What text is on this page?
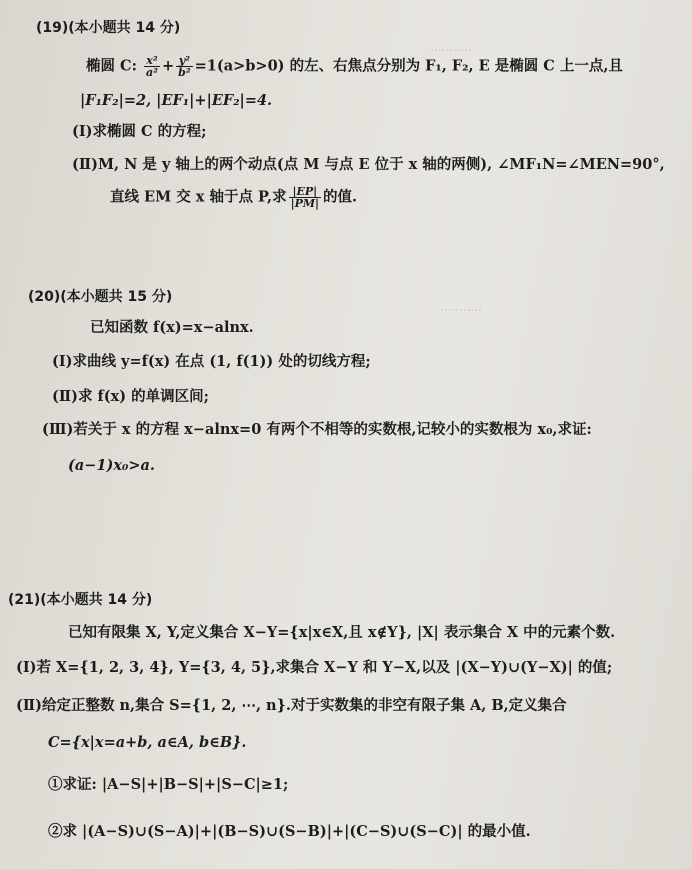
...........
...........
(19)(本小题共 14 分)
椭圆 C: $\frac{\text{x²}}{\text{a²}} + \frac{\text{y²}}{\text{b²}} =1(a>b>0)$ 的左、右焦点分别为 F₁, F₂, E 是椭圆 C 上一点,且
|F₁F₂|=2, |EF₁|+|EF₂|=4.
(Ⅰ)求椭圆 C 的方程;
(Ⅱ)M, N 是 y 轴上的两个动点(点 M 与点 E 位于 x 轴的两侧), ∠MF₁N=∠MEN=90°,
直线 EM 交 x 轴于点 P,求 $\frac{|EP|}{|PM|}$ 的值.
(20)(本小题共 15 分)
已知函数 f(x)=x−alnx.
(Ⅰ)求曲线 y=f(x) 在点 (1, f(1)) 处的切线方程;
(Ⅱ)求 f(x) 的单调区间;
(Ⅲ)若关于 x 的方程 x−alnx=0 有两个不相等的实数根,记较小的实数根为 x₀,求证:
(a−1)x₀>a.
(21)(本小题共 14 分)
已知有限集 X, Y,定义集合 X−Y={x|x∈X,且 x∉Y}, |X| 表示集合 X 中的元素个数.
(Ⅰ)若 X={1, 2, 3, 4}, Y={3, 4, 5},求集合 X−Y 和 Y−X,以及 |(X−Y)∪(Y−X)| 的值;
(Ⅱ)给定正整数 n,集合 S={1, 2, ⋯, n}.对于实数集的非空有限子集 A, B,定义集合
C={x|x=a+b, a∈A, b∈B}.
①求证: |A−S|+|B−S|+|S−C|≥1;
②求 |(A−S)∪(S−A)|+|(B−S)∪(S−B)|+|(C−S)∪(S−C)| 的最小值.
